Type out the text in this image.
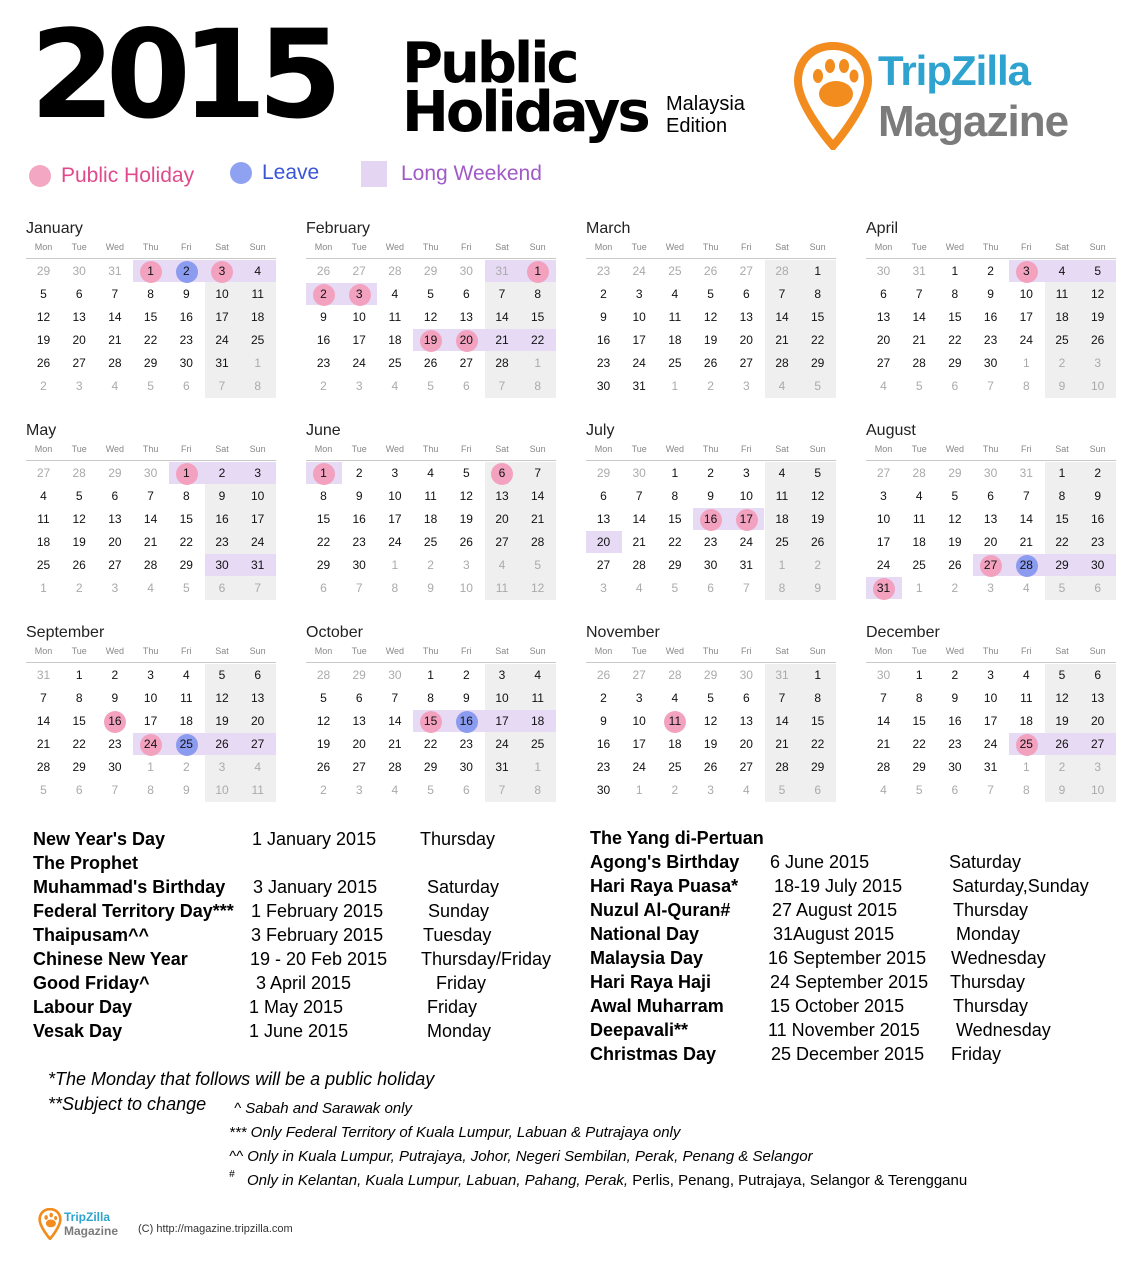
2015 Public
Holidays Malaysia
Edition
TripZilla
Magazine
Public Holiday	Leave	Long Weekend
January
Mon	Tue	Wed	Thu	Fri	Sat	Sun
29	30	31	1	2	3	4
5	6	7	8	9	10	11
12	13	14	15	16	17	18
19	20	21	22	23	24	25
26	27	28	29	30	31	1
2	3	4	5	6	7	8
February
Mon	Tue	Wed	Thu	Fri	Sat	Sun
26	27	28	29	30	31	1
2	3	4	5	6	7	8
9	10	11	12	13	14	15
16	17	18	19	20	21	22
23	24	25	26	27	28	1
2	3	4	5	6	7	8
March
Mon	Tue	Wed	Thu	Fri	Sat	Sun
23	24	25	26	27	28	1
2	3	4	5	6	7	8
9	10	11	12	13	14	15
16	17	18	19	20	21	22
23	24	25	26	27	28	29
30	31	1	2	3	4	5
April
Mon	Tue	Wed	Thu	Fri	Sat	Sun
30	31	1	2	3	4	5
6	7	8	9	10	11	12
13	14	15	16	17	18	19
20	21	22	23	24	25	26
27	28	29	30	1	2	3
4	5	6	7	8	9	10
May
Mon	Tue	Wed	Thu	Fri	Sat	Sun
27	28	29	30	1	2	3
4	5	6	7	8	9	10
11	12	13	14	15	16	17
18	19	20	21	22	23	24
25	26	27	28	29	30	31
1	2	3	4	5	6	7
June
Mon	Tue	Wed	Thu	Fri	Sat	Sun
1	2	3	4	5	6	7
8	9	10	11	12	13	14
15	16	17	18	19	20	21
22	23	24	25	26	27	28
29	30	1	2	3	4	5
6	7	8	9	10	11	12
July
Mon	Tue	Wed	Thu	Fri	Sat	Sun
29	30	1	2	3	4	5
6	7	8	9	10	11	12
13	14	15	16	17	18	19
20	21	22	23	24	25	26
27	28	29	30	31	1	2
3	4	5	6	7	8	9
August
Mon	Tue	Wed	Thu	Fri	Sat	Sun
27	28	29	30	31	1	2
3	4	5	6	7	8	9
10	11	12	13	14	15	16
17	18	19	20	21	22	23
24	25	26	27	28	29	30
31	1	2	3	4	5	6
September
Mon	Tue	Wed	Thu	Fri	Sat	Sun
31	1	2	3	4	5	6
7	8	9	10	11	12	13
14	15	16	17	18	19	20
21	22	23	24	25	26	27
28	29	30	1	2	3	4
5	6	7	8	9	10	11
October
Mon	Tue	Wed	Thu	Fri	Sat	Sun
28	29	30	1	2	3	4
5	6	7	8	9	10	11
12	13	14	15	16	17	18
19	20	21	22	23	24	25
26	27	28	29	30	31	1
2	3	4	5	6	7	8
November
Mon	Tue	Wed	Thu	Fri	Sat	Sun
26	27	28	29	30	31	1
2	3	4	5	6	7	8
9	10	11	12	13	14	15
16	17	18	19	20	21	22
23	24	25	26	27	28	29
30	1	2	3	4	5	6
December
Mon	Tue	Wed	Thu	Fri	Sat	Sun
30	1	2	3	4	5	6
7	8	9	10	11	12	13
14	15	16	17	18	19	20
21	22	23	24	25	26	27
28	29	30	31	1	2	3
4	5	6	7	8	9	10
New Year's Day	1 January 2015 Thursday
The Prophet
Muhammad's Birthday 3 January 2015	Saturday
Federal Territory Day*** 1 February 2015 Sunday
Thaipusam^^	3 February 2015 Tuesday
Chinese New Year	19 - 20 Feb 2015 Thursday/Friday
Good Friday^	3 April 2015	Friday
Labour Day	1 May 2015	Friday
Vesak Day	1 June 2015	Monday
The Yang di-Pertuan
Agong's Birthday 6 June 2015	Saturday
Hari Raya Puasa* 18-19 July 2015	Saturday,Sunday
Nuzul Al-Quran# 27 August 2015	Thursday
National Day	31August 2015	Monday
Malaysia Day	16 September 2015 Wednesday
Hari Raya Haji	24 September 2015 Thursday
Awal Muharram	15 October 2015	Thursday
Deepavali**	11 November 2015 Wednesday
Christmas Day	25 December 2015 Friday
*The Monday that follows will be a public holiday
**Subject to change ^ Sabah and Sarawak only
*** Only Federal Territory of Kuala Lumpur, Labuan & Putrajaya only
^^ Only in Kuala Lumpur, Putrajaya, Johor, Negeri Sembilan, Perak, Penang & Selangor
# Only in Kelantan, Kuala Lumpur, Labuan, Pahang, Perak, Perlis, Penang, Putrajaya, Selangor & Terengganu
TripZilla
Magazine (C) http://magazine.tripzilla.com
